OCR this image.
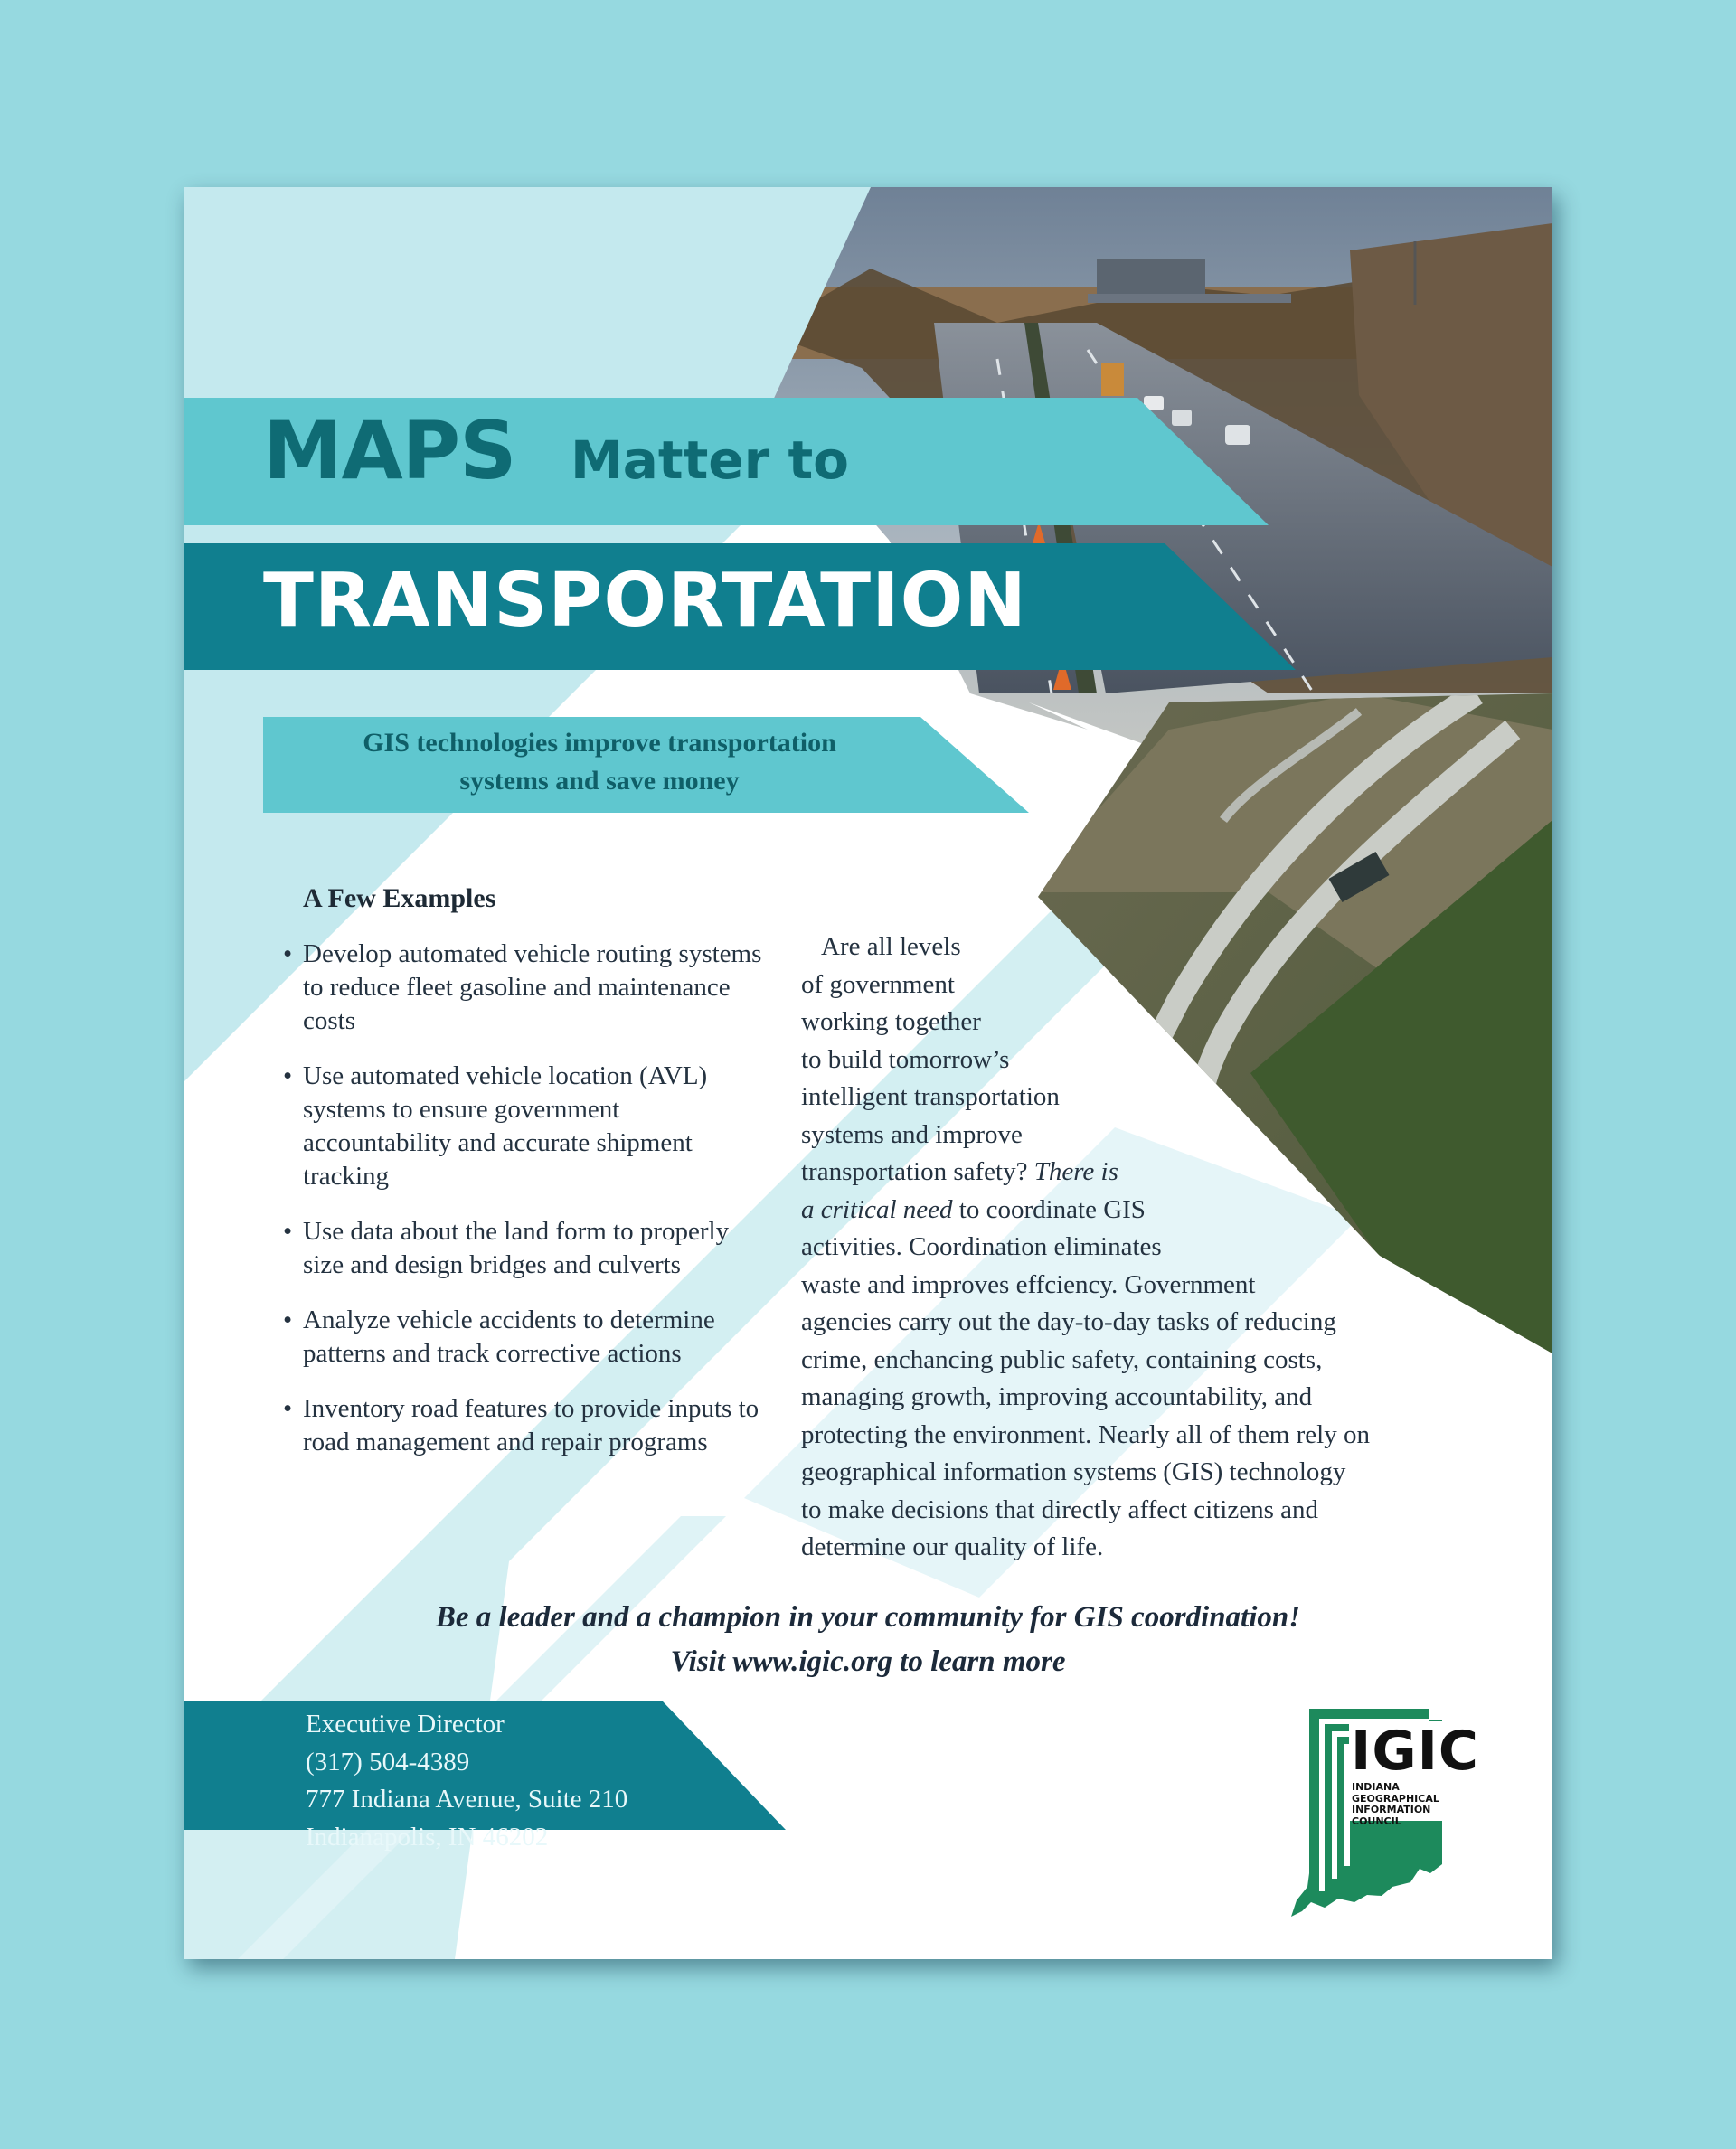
MAPS Matter to
TRANSPORTATION
GIS technologies improve transportation
systems and save money
A Few Examples
• Develop automated vehicle routing systems to reduce fleet gasoline and maintenance costs
• Use automated vehicle location (AVL) systems to ensure government accountability and accurate shipment tracking
• Use data about the land form to properly size and design bridges and culverts
• Analyze vehicle accidents to determine patterns and track corrective actions
• Inventory road features to provide inputs to road management and repair programs
Are all levels
of government
working together
to build tomorrow’s
intelligent transportation
systems and improve
transportation safety? There is
a critical need to coordinate GIS
activities. Coordination eliminates
waste and improves effciency. Government
agencies carry out the day-to-day tasks of reducing
crime, enchancing public safety, containing costs,
managing growth, improving accountability, and
protecting the environment. Nearly all of them rely on
geographical information systems (GIS) technology
to make decisions that directly affect citizens and
determine our quality of life.
Be a leader and a champion in your community for GIS coordination!
Visit www.igic.org to learn more
Executive Director
(317) 504-4389
777 Indiana Avenue, Suite 210
Indianapolis, IN 46202
IGIC
INDIANA
GEOGRAPHICAL
INFORMATION
COUNCIL
